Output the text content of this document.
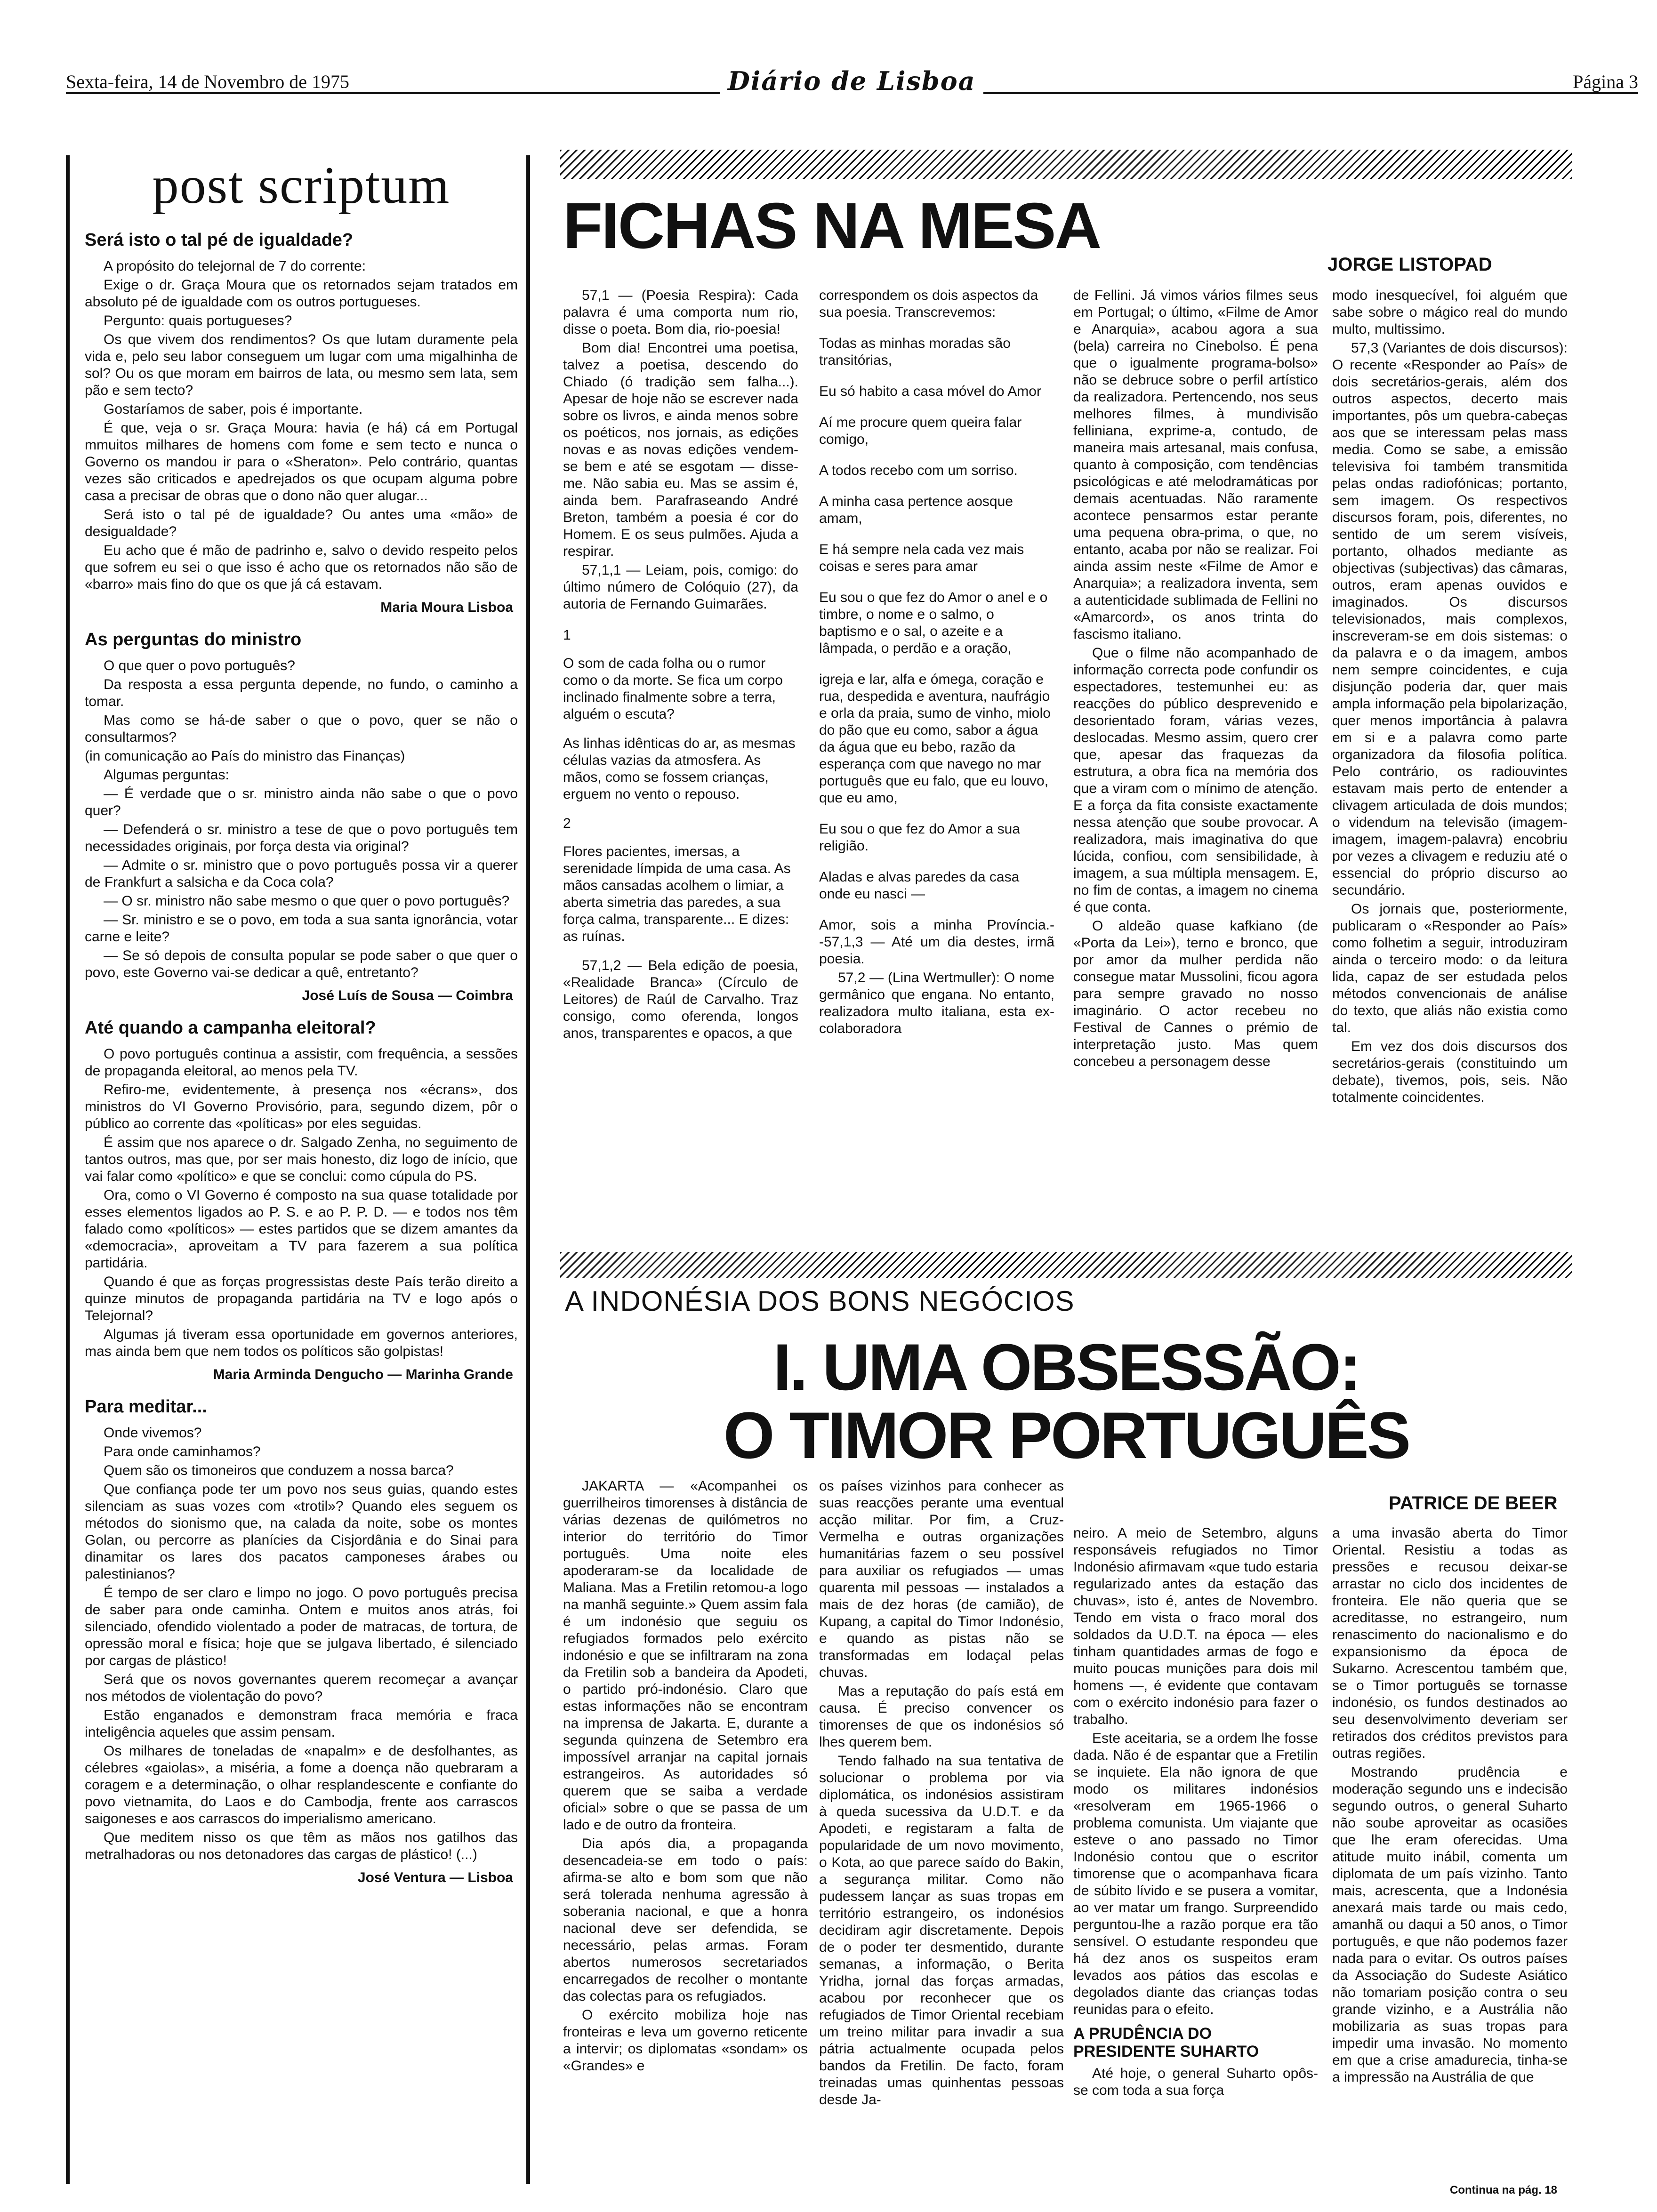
Sexta-feira, 14 de Novembro de 1975	Diário de Lisboa	Página 3
post scriptum
Será isto o tal pé de igualdade?

A propósito do telejornal de 7 do corrente:

Exige o dr. Graça Moura que os retornados sejam tratados em absoluto pé de igualdade com os outros portugueses.

Pergunto: quais portugueses?

Os que vivem dos rendimentos? Os que lutam duramente pela vida e, pelo seu labor conseguem um lugar com uma migalhinha de sol? Ou os que moram em bairros de lata, ou mesmo sem lata, sem pão e sem tecto?

Gostaríamos de saber, pois é importante.

É que, veja o sr. Graça Moura: havia (e há) cá em Portugal mmuitos milhares de homens com fome e sem tecto e nunca o Governo os mandou ir para o «Sheraton». Pelo contrário, quantas vezes são criticados e apedrejados os que ocupam alguma pobre casa a precisar de obras que o dono não quer alugar...

Será isto o tal pé de igualdade? Ou antes uma «mão» de desigualdade?

Eu acho que é mão de padrinho e, salvo o devido respeito pelos que sofrem eu sei o que isso é acho que os retornados não são de «barro» mais fino do que os que já cá estavam.

Maria Moura Lisboa
As perguntas do ministro

O que quer o povo português?

Da resposta a essa pergunta depende, no fundo, o caminho a tomar.

Mas como se há-de saber o que o povo, quer se não o consultarmos?

(in comunicação ao País do ministro das Finanças)

Algumas perguntas:

— É verdade que o sr. ministro ainda não sabe o que o povo quer?

— Defenderá o sr. ministro a tese de que o povo português tem necessidades originais, por força desta via original?

— Admite o sr. ministro que o povo português possa vir a querer de Frankfurt a salsicha e da Coca cola?

— O sr. ministro não sabe mesmo o que quer o povo português?

— Sr. ministro e se o povo, em toda a sua santa ignorância, votar carne e leite?

— Se só depois de consulta popular se pode saber o que quer o povo, este Governo vai-se dedicar a quê, entretanto?

José Luís de Sousa — Coimbra
Até quando a campanha eleitoral?

O povo português continua a assistir, com frequência, a sessões de propaganda eleitoral, ao menos pela TV.

Refiro-me, evidentemente, à presença nos «écrans», dos ministros do VI Governo Provisório, para, segundo dizem, pôr o público ao corrente das «políticas» por eles seguidas.

É assim que nos aparece o dr. Salgado Zenha, no seguimento de tantos outros, mas que, por ser mais honesto, diz logo de início, que vai falar como «político» e que se conclui: como cúpula do PS.

Ora, como o VI Governo é composto na sua quase totalidade por esses elementos ligados ao P. S. e ao P. P. D. — e todos nos têm falado como «políticos» — estes partidos que se dizem amantes da «democracia», aproveitam a TV para fazerem a sua política partidária.

Quando é que as forças progressistas deste País terão direito a quinze minutos de propaganda partidária na TV e logo após o Telejornal?

Algumas já tiveram essa oportunidade em governos anteriores, mas ainda bem que nem todos os políticos são golpistas!

Maria Arminda Dengucho — Marinha Grande
Para meditar...

Onde vivemos?

Para onde caminhamos?

Quem são os timoneiros que conduzem a nossa barca?

Que confiança pode ter um povo nos seus guias, quando estes silenciam as suas vozes com «trotil»? Quando eles seguem os métodos do sionismo que, na calada da noite, sobe os montes Golan, ou percorre as planícies da Cisjordânia e do Sinai para dinamitar os lares dos pacatos camponeses árabes ou palestinianos?

É tempo de ser claro e limpo no jogo. O povo português precisa de saber para onde caminha. Ontem e muitos anos atrás, foi silenciado, ofendido violentado a poder de matracas, de tortura, de opressão moral e física; hoje que se julgava libertado, é silenciado por cargas de plástico!

Será que os novos governantes querem recomeçar a avançar nos métodos de violentação do povo?

Estão enganados e demonstram fraca memória e fraca inteligência aqueles que assim pensam.

Os milhares de toneladas de «napalm» e de desfolhantes, as célebres «gaiolas», a miséria, a fome a doença não quebraram a coragem e a determinação, o olhar resplandescente e confiante do povo vietnamita, do Laos e do Cambodja, frente aos carrascos saigoneses e aos carrascos do imperialismo americano.

Que meditem nisso os que têm as mãos nos gatilhos das metralhadoras ou nos detonadores das cargas de plástico! (...)

José Ventura — Lisboa
FICHAS NA MESA
JORGE LISTOPAD

57,1 — (Poesia Respira): Cada palavra é uma comporta num rio, disse o poeta. Bom dia, rio-poesia!

Bom dia! Encontrei uma poetisa, talvez a poetisa, descendo do Chiado (ó tradição sem falha...). Apesar de hoje não se escrever nada sobre os livros, e ainda menos sobre os poéticos, nos jornais, as edições novas e as novas edições vendem-se bem e até se esgotam — disse-me. Não sabia eu. Mas se assim é, ainda bem. Parafraseando André Breton, também a poesia é cor do Homem. E os seus pulmões. Ajuda a respirar.

57,1,1 — Leiam, pois, comigo: do último número de Colóquio (27), da autoria de Fernando Guimarães.

1

O som de cada folha ou o rumor como o da morte. Se fica um corpo inclinado finalmente sobre a terra, alguém o escuta?

As linhas idênticas do ar, as mesmas células vazias da atmosfera. As mãos, como se fossem crianças, erguem no vento o repouso.

2

Flores pacientes, imersas, a serenidade límpida de uma casa. As mãos cansadas acolhem o limiar, a aberta simetria das paredes, a sua força calma, transparente... E dizes: as ruínas.

57,1,2 — Bela edição de poesia, «Realidade Branca» (Círculo de Leitores) de Raúl de Carvalho. Traz consigo, como oferenda, longos anos, transparentes e opacos, a que

correspondem os dois aspectos da sua poesia. Transcrevemos:

Todas as minhas moradas são transitórias,

Eu só habito a casa móvel do Amor

Aí me procure quem queira falar comigo,

A todos recebo com um sorriso.

A minha casa pertence aosque amam,

E há sempre nela cada vez mais coisas e seres para amar

Eu sou o que fez do Amor o anel e o timbre, o nome e o salmo, o baptismo e o sal, o azeite e a lâmpada, o perdão e a oração,

igreja e lar, alfa e ómega, coração e rua, despedida e aventura, naufrágio e orla da praia, sumo de vinho, miolo do pão que eu como, sabor a água da água que eu bebo, razão da esperança com que navego no mar português que eu falo, que eu louvo, que eu amo,

Eu sou o que fez do Amor a sua religião.

Aladas e alvas paredes da casa onde eu nasci —

Amor, sois a minha Província.--57,1,3 — Até um dia destes, irmã poesia.

57,2 — (Lina Wertmuller): O nome germânico que engana. No entanto, realizadora multo italiana, esta ex-colaboradora

de Fellini. Já vimos vários filmes seus em Portugal; o último, «Filme de Amor e Anarquia», acabou agora a sua (bela) carreira no Cinebolso. É pena que o igualmente programa-bolso» não se debruce sobre o perfil artístico da realizadora. Pertencendo, nos seus melhores filmes, à mundivisão felliniana, exprime-a, contudo, de maneira mais artesanal, mais confusa, quanto à composição, com tendências psicológicas e até melodramáticas por demais acentuadas. Não raramente acontece pensarmos estar perante uma pequena obra-prima, o que, no entanto, acaba por não se realizar. Foi ainda assim neste «Filme de Amor e Anarquia»; a realizadora inventa, sem a autenticidade sublimada de Fellini no «Amarcord», os anos trinta do fascismo italiano.

Que o filme não acompanhado de informação correcta pode confundir os espectadores, testemunhei eu: as reacções do público desprevenido e desorientado foram, várias vezes, deslocadas. Mesmo assim, quero crer que, apesar das fraquezas da estrutura, a obra fica na memória dos que a viram com o mínimo de atenção. E a força da fita consiste exactamente nessa atenção que soube provocar. A realizadora, mais imaginativa do que lúcida, confiou, com sensibilidade, à imagem, a sua múltipla mensagem. E, no fim de contas, a imagem no cinema é que conta.

O aldeão quase kafkiano (de «Porta da Lei»), terno e bronco, que por amor da mulher perdida não consegue matar Mussolini, ficou agora para sempre gravado no nosso imaginário. O actor recebeu no Festival de Cannes o prémio de interpretação justo. Mas quem concebeu a personagem desse

modo inesquecível, foi alguém que sabe sobre o mágico real do mundo multo, multissimo.

57,3 (Variantes de dois discursos): O recente «Responder ao País» de dois secretários-gerais, além dos outros aspectos, decerto mais importantes, pôs um quebra-cabeças aos que se interessam pelas mass media. Como se sabe, a emissão televisiva foi também transmitida pelas ondas radiofónicas; portanto, sem imagem. Os respectivos discursos foram, pois, diferentes, no sentido de um serem visíveis, portanto, olhados mediante as objectivas (subjectivas) das câmaras, outros, eram apenas ouvidos e imaginados. Os discursos televisionados, mais complexos, inscreveram-se em dois sistemas: o da palavra e o da imagem, ambos nem sempre coincidentes, e cuja disjunção poderia dar, quer mais ampla informação pela bipolarização, quer menos importância à palavra em si e a palavra como parte organizadora da filosofia política. Pelo contrário, os radiouvintes estavam mais perto de entender a clivagem articulada de dois mundos; o videndum na televisão (imagem-imagem, imagem-palavra) encobriu por vezes a clivagem e reduziu até o essencial do próprio discurso ao secundário.

Os jornais que, posteriormente, publicaram o «Responder ao País» como folhetim a seguir, introduziram ainda o terceiro modo: o da leitura lida, capaz de ser estudada pelos métodos convencionais de análise do texto, que aliás não existia como tal.

Em vez dos dois discursos dos secretários-gerais (constituindo um debate), tivemos, pois, seis. Não totalmente coincidentes.

A INDONÉSIA DOS BONS NEGÓCIOS
I. UMA OBSESSÃO:
O TIMOR PORTUGUÊS
PATRICE DE BEER

JAKARTA — «Acompanhei os guerrilheiros timorenses à distância de várias dezenas de quilómetros no interior do território do Timor português. Uma noite eles apoderaram-se da localidade de Maliana. Mas a Fretilin retomou-a logo na manhã seguinte.» Quem assim fala é um indonésio que seguiu os refugiados formados pelo exército indonésio e que se infiltraram na zona da Fretilin sob a bandeira da Apodeti, o partido pró-indonésio. Claro que estas informações não se encontram na imprensa de Jakarta. E, durante a segunda quinzena de Setembro era impossível arranjar na capital jornais estrangeiros. As autoridades só querem que se saiba a verdade oficial» sobre o que se passa de um lado e de outro da fronteira.

Dia após dia, a propaganda desencadeia-se em todo o país: afirma-se alto e bom som que não será tolerada nenhuma agressão à soberania nacional, e que a honra nacional deve ser defendida, se necessário, pelas armas. Foram abertos numerosos secretariados encarregados de recolher o montante das colectas para os refugiados.

O exército mobiliza hoje nas fronteiras e leva um governo reticente a intervir; os diplomatas «sondam» os «Grandes» e

os países vizinhos para conhecer as suas reacções perante uma eventual acção militar. Por fim, a Cruz-Vermelha e outras organizações humanitárias fazem o seu possível para auxiliar os refugiados — umas quarenta mil pessoas — instalados a mais de dez horas (de camião), de Kupang, a capital do Timor Indonésio, e quando as pistas não se transformadas em lodaçal pelas chuvas.

Mas a reputação do país está em causa. É preciso convencer os timorenses de que os indonésios só lhes querem bem.

Tendo falhado na sua tentativa de solucionar o problema por via diplomática, os indonésios assistiram à queda sucessiva da U.D.T. e da Apodeti, e registaram a falta de popularidade de um novo movimento, o Kota, ao que parece saído do Bakin, a segurança militar. Como não pudessem lançar as suas tropas em território estrangeiro, os indonésios decidiram agir discretamente. Depois de o poder ter desmentido, durante semanas, a informação, o Berita Yridha, jornal das forças armadas, acabou por reconhecer que os refugiados de Timor Oriental recebiam um treino militar para invadir a sua pátria actualmente ocupada pelos bandos da Fretilin. De facto, foram treinadas umas quinhentas pessoas desde Ja-

neiro. A meio de Setembro, alguns responsáveis refugiados no Timor Indonésio afirmavam «que tudo estaria regularizado antes da estação das chuvas», isto é, antes de Novembro. Tendo em vista o fraco moral dos soldados da U.D.T. na época — eles tinham quantidades armas de fogo e muito poucas munições para dois mil homens —, é evidente que contavam com o exército indonésio para fazer o trabalho.

Este aceitaria, se a ordem lhe fosse dada. Não é de espantar que a Fretilin se inquiete. Ela não ignora de que modo os militares indonésios «resolveram em 1965-1966 o problema comunista. Um viajante que esteve o ano passado no Timor Indonésio contou que o escritor timorense que o acompanhava ficara de súbito lívido e se pusera a vomitar, ao ver matar um frango. Surpreendido perguntou-lhe a razão porque era tão sensível. O estudante respondeu que há dez anos os suspeitos eram levados aos pátios das escolas e degolados diante das crianças todas reunidas para o efeito.

A PRUDÊNCIA DO PRESIDENTE SUHARTO

Até hoje, o general Suharto opôs-se com toda a sua força

a uma invasão aberta do Timor Oriental. Resistiu a todas as pressões e recusou deixar-se arrastar no ciclo dos incidentes de fronteira. Ele não queria que se acreditasse, no estrangeiro, num renascimento do nacionalismo e do expansionismo da época de Sukarno. Acrescentou também que, se o Timor português se tornasse indonésio, os fundos destinados ao seu desenvolvimento deveriam ser retirados dos créditos previstos para outras regiões.

Mostrando prudência e moderação segundo uns e indecisão segundo outros, o general Suharto não soube aproveitar as ocasiões que lhe eram oferecidas. Uma atitude muito inábil, comenta um diplomata de um país vizinho. Tanto mais, acrescenta, que a Indonésia anexará mais tarde ou mais cedo, amanhã ou daqui a 50 anos, o Timor português, e que não podemos fazer nada para o evitar. Os outros países da Associação do Sudeste Asiático não tomariam posição contra o seu grande vizinho, e a Austrália não mobilizaria as suas tropas para impedir uma invasão. No momento em que a crise amadurecia, tinha-se a impressão na Austrália de que

Continua na pág. 18
